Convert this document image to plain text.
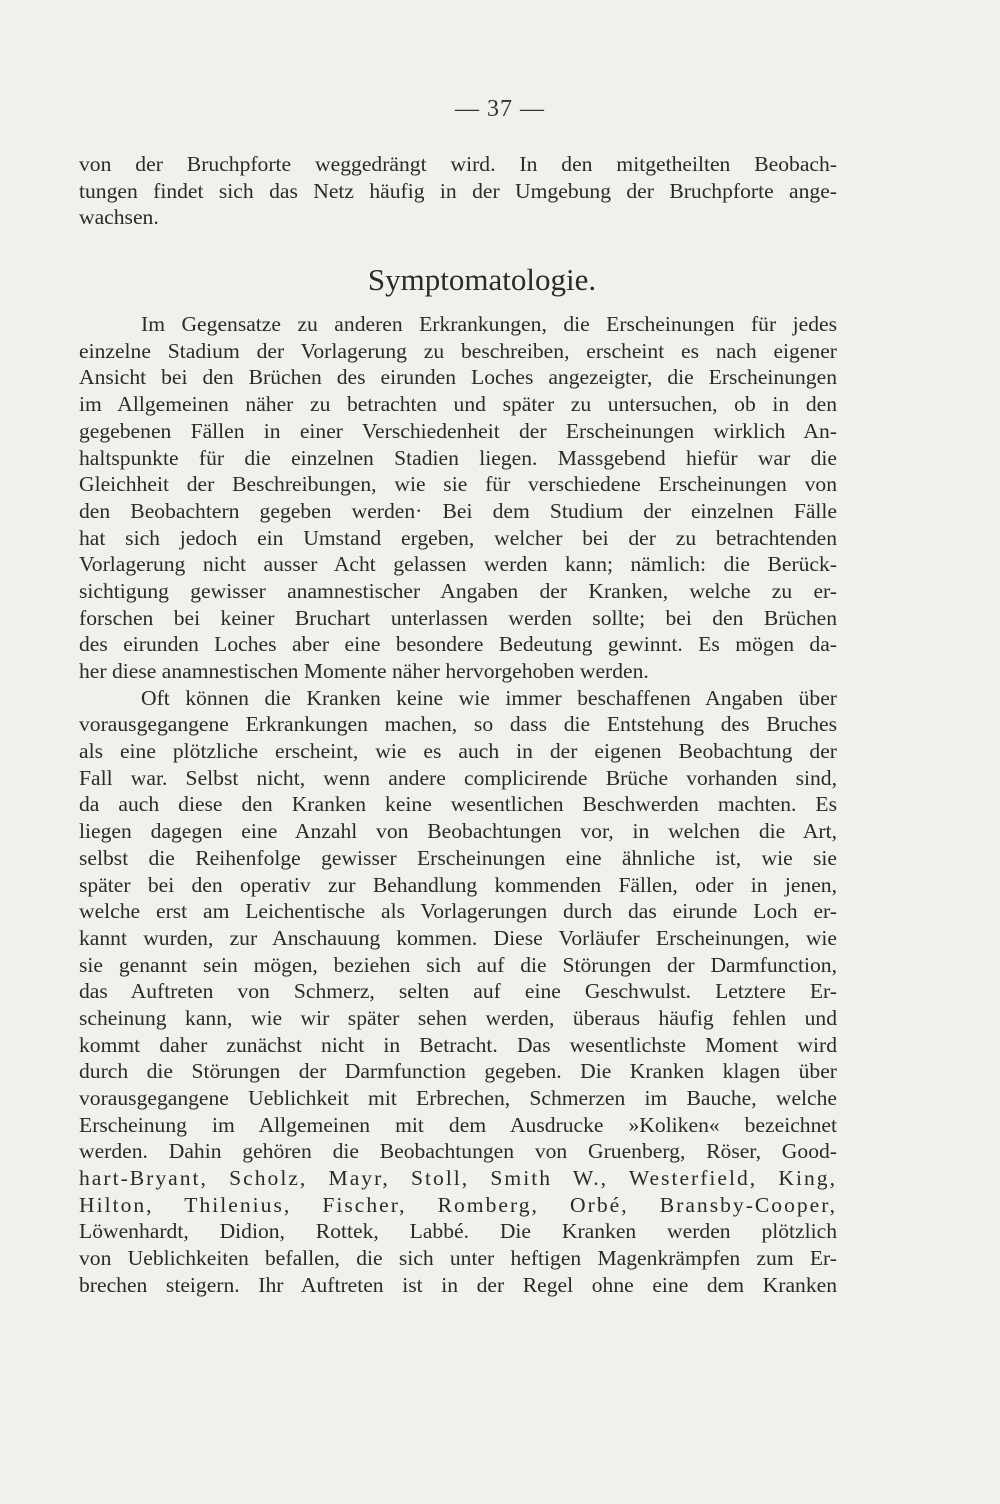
— 37 —
von der Bruchpforte weggedrängt wird. In den mitgetheilten Beobach-
tungen findet sich das Netz häufig in der Umgebung der Bruchpforte ange-
wachsen.
Symptomatologie.
Im Gegensatze zu anderen Erkrankungen, die Erscheinungen für jedes
einzelne Stadium der Vorlagerung zu beschreiben, erscheint es nach eigener
Ansicht bei den Brüchen des eirunden Loches angezeigter, die Erscheinungen
im Allgemeinen näher zu betrachten und später zu untersuchen, ob in den
gegebenen Fällen in einer Verschiedenheit der Erscheinungen wirklich An-
haltspunkte für die einzelnen Stadien liegen. Massgebend hiefür war die
Gleichheit der Beschreibungen, wie sie für verschiedene Erscheinungen von
den Beobachtern gegeben werden· Bei dem Studium der einzelnen Fälle
hat sich jedoch ein Umstand ergeben, welcher bei der zu betrachtenden
Vorlagerung nicht ausser Acht gelassen werden kann; nämlich: die Berück-
sichtigung gewisser anamnestischer Angaben der Kranken, welche zu er-
forschen bei keiner Bruchart unterlassen werden sollte; bei den Brüchen
des eirunden Loches aber eine besondere Bedeutung gewinnt. Es mögen da-
her diese anamnestischen Momente näher hervorgehoben werden.
Oft können die Kranken keine wie immer beschaffenen Angaben über
vorausgegangene Erkrankungen machen, so dass die Entstehung des Bruches
als eine plötzliche erscheint, wie es auch in der eigenen Beobachtung der
Fall war. Selbst nicht, wenn andere complicirende Brüche vorhanden sind,
da auch diese den Kranken keine wesentlichen Beschwerden machten. Es
liegen dagegen eine Anzahl von Beobachtungen vor, in welchen die Art,
selbst die Reihenfolge gewisser Erscheinungen eine ähnliche ist, wie sie
später bei den operativ zur Behandlung kommenden Fällen, oder in jenen,
welche erst am Leichentische als Vorlagerungen durch das eirunde Loch er-
kannt wurden, zur Anschauung kommen. Diese Vorläufer Erscheinungen, wie
sie genannt sein mögen, beziehen sich auf die Störungen der Darmfunction,
das Auftreten von Schmerz, selten auf eine Geschwulst. Letztere Er-
scheinung kann, wie wir später sehen werden, überaus häufig fehlen und
kommt daher zunächst nicht in Betracht. Das wesentlichste Moment wird
durch die Störungen der Darmfunction gegeben. Die Kranken klagen über
vorausgegangene Ueblichkeit mit Erbrechen, Schmerzen im Bauche, welche
Erscheinung im Allgemeinen mit dem Ausdrucke »Koliken« bezeichnet
werden. Dahin gehören die Beobachtungen von Gruenberg, Röser, Good-
hart-Bryant, Scholz, Mayr, Stoll, Smith W., Westerfield, King,
Hilton, Thilenius, Fischer, Romberg, Orbé, Bransby-Cooper,
Löwenhardt, Didion, Rottek, Labbé. Die Kranken werden plötzlich
von Ueblichkeiten befallen, die sich unter heftigen Magenkrämpfen zum Er-
brechen steigern. Ihr Auftreten ist in der Regel ohne eine dem Kranken
